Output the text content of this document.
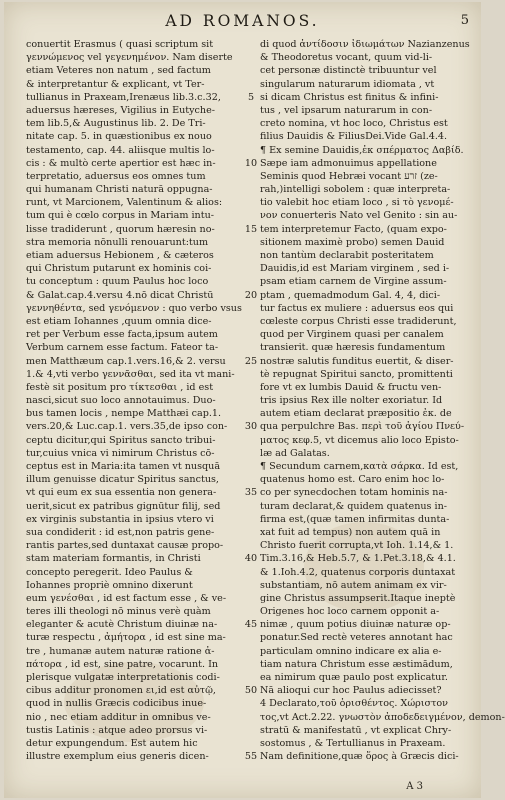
AD ROMANOS.	5
conuertit Erasmus ( quasi scriptum sit
γεννώμενος vel γεγενημένον. Nam diserte
etiam Veteres non natum , sed factum
& interpretantur & explicant, vt Ter-
tullianus in Praxeam,Irenæus lib.3.c.32,
aduersus hæreses, Vigilius in Eutyche-
tem lib.5,& Augustinus lib. 2. De Tri-
nitate cap. 5. in quæstionibus ex nouo
testamento, cap. 44. aliisque multis lo-
cis : & multò certe apertior est hæc in-
terpretatio, aduersus eos omnes tum
qui humanam Christi naturā oppugna-
runt, vt Marcionem, Valentinum & alios:
tum qui è cœlo corpus in Mariam intu-
lisse tradiderunt , quorum hæresin no-
stra memoria nōnulli renouarunt:tum
etiam aduersus Hebionem , & cæteros
qui Christum putarunt ex hominis coi-
tu conceptum : quum Paulus hoc loco
& Galat.cap.4.versu 4.nō dicat Christū
γεννηθέντα, sed γενόμενον : quo verbo vsus
est etiam Iohannes ,quum omnia dice-
ret per Verbum esse facta,ipsum autem
Verbum carnem esse factum. Fateor ta-
men Matthæum cap.1.vers.16,& 2. versu
1.& 4,vti verbo γεννᾶσθαι, sed ita vt mani-
festè sit positum pro τίκτεσθαι , id est
nasci,sicut suo loco annotauimus. Duo-
bus tamen locis , nempe Matthæi cap.1.
vers.20,& Luc.cap.1. vers.35,de ipso con-
ceptu dicitur,qui Spiritus sancto tribui-
tur,cuius vnica vi nimirum Christus cō-
ceptus est in Maria:ita tamen vt nusquā
illum genuisse dicatur Spiritus sanctus,
vt qui eum ex sua essentia non genera-
uerit,sicut ex patribus gignūtur filij, sed
ex virginis substantia in ipsius vtero vi
sua condiderit : id est,non patris gene-
rantis partes,sed duntaxat causæ propo-
stam materiam formantis, in Christi
concepto peregerit. Ideo Paulus &
Iohannes propriè omnino dixerunt
eum γενέσθαι , id est factum esse , & ve-
teres illi theologi nō minus verè quàm
eleganter & acutè Christum diuinæ na-
turæ respectu , ἀμήτορα , id est sine ma-
tre , humanæ autem naturæ ratione ἀ-
πάτορα , id est, sine patre, vocarunt. In
plerisque vulgatæ interpretationis codi-
cibus additur pronomen ει,id est αὐτῷ,
quod in nullis Græcis codicibus inue-
nio , nec etiam additur in omnibus ve-
tustis Latinis : atque adeo prorsus vi-
detur expungendum. Est autem hic
illustre exemplum eius generis dicen-
5
10
15
20
25
30
35
40
45
50
55
di quod ἀντίδοσιν ἰδιωμάτων Nazianzenus
& Theodoretus vocant, quum vid-li-
cet personæ distinctè tribuuntur vel
singularum naturarum idiomata , vt
si dicam Christus est finitus & infini-
tus , vel ipsarum naturarum in con-
creto nomina, vt hoc loco, Christus est
filius Dauidis & FiliusDei.Vide Gal.4.4.
¶ Ex semine Dauidis,ἐκ σπέρματος Δαβίδ.
Sæpe iam admonuimus appellatione
Seminis quod Hebræi vocant זרע (ze-
rah,)intelligi sobolem : quæ interpreta-
tio valebit hoc etiam loco , si τὸ γενομέ-
νον conuerteris Nato vel Genito : sin au-
tem interpretemur Facto, (quam expo-
sitionem maximè probo) semen Dauid
non tantùm declarabit posteritatem
Dauidis,id est Mariam virginem , sed i-
psam etiam carnem de Virgine assum-
ptam , quemadmodum Gal. 4, 4, dici-
tur factus ex muliere : aduersus eos qui
cœleste corpus Christi esse tradiderunt,
quod per Virginem quasi per canalem
transierit. quæ hæresis fundamentum
nostræ salutis funditus euertit, & diser-
tè repugnat Spiritui sancto, promittenti
fore vt ex lumbis Dauid & fructu ven-
tris ipsius Rex ille nolter exoriatur. Id
autem etiam declarat præpositio ἐκ. de
qua perpulchre Bas. περὶ τοῦ ἁγίου Πνεύ-
ματος κεφ.5, vt dicemus alio loco Episto-
læ ad Galatas.
¶ Secundum carnem,κατὰ σάρκα. Id est,
quatenus homo est. Caro enim hoc lo-
co per synecdochen totam hominis na-
turam declarat,& quidem quatenus in-
firma est,(quæ tamen infirmitas dunta-
xat fuit ad tempus) non autem quā in
Christo fuerit corrupta,vt Ioh. 1.14,& 1.
Tim.3.16,& Heb.5.7, & 1.Pet.3.18,& 4.1.
& 1.Ioh.4.2, quatenus corporis duntaxat
substantiam, nō autem animam ex vir-
gine Christus assumpserit.Itaque ineptè
Origenes hoc loco carnem opponit a-
nimæ , quum potius diuinæ naturæ op-
ponatur.Sed rectè veteres annotant hac
particulam omnino indicare ex alia e-
tiam natura Christum esse æstimādum,
ea nimirum quæ paulo post explicatur.
Nā alioqui cur hoc Paulus adiecisset?
4 Declarato,τοῦ ὁρισθέντος. Χώριστον
τος,vt Act.2.22. γνωστὸν ἀποδεδειγμένον, demon-
stratū & manifestatū , vt explicat Chry-
sostomus , & Tertullianus in Praxeam.
Nam definitione,quæ ὅρος à Græcis dici-
A 3
